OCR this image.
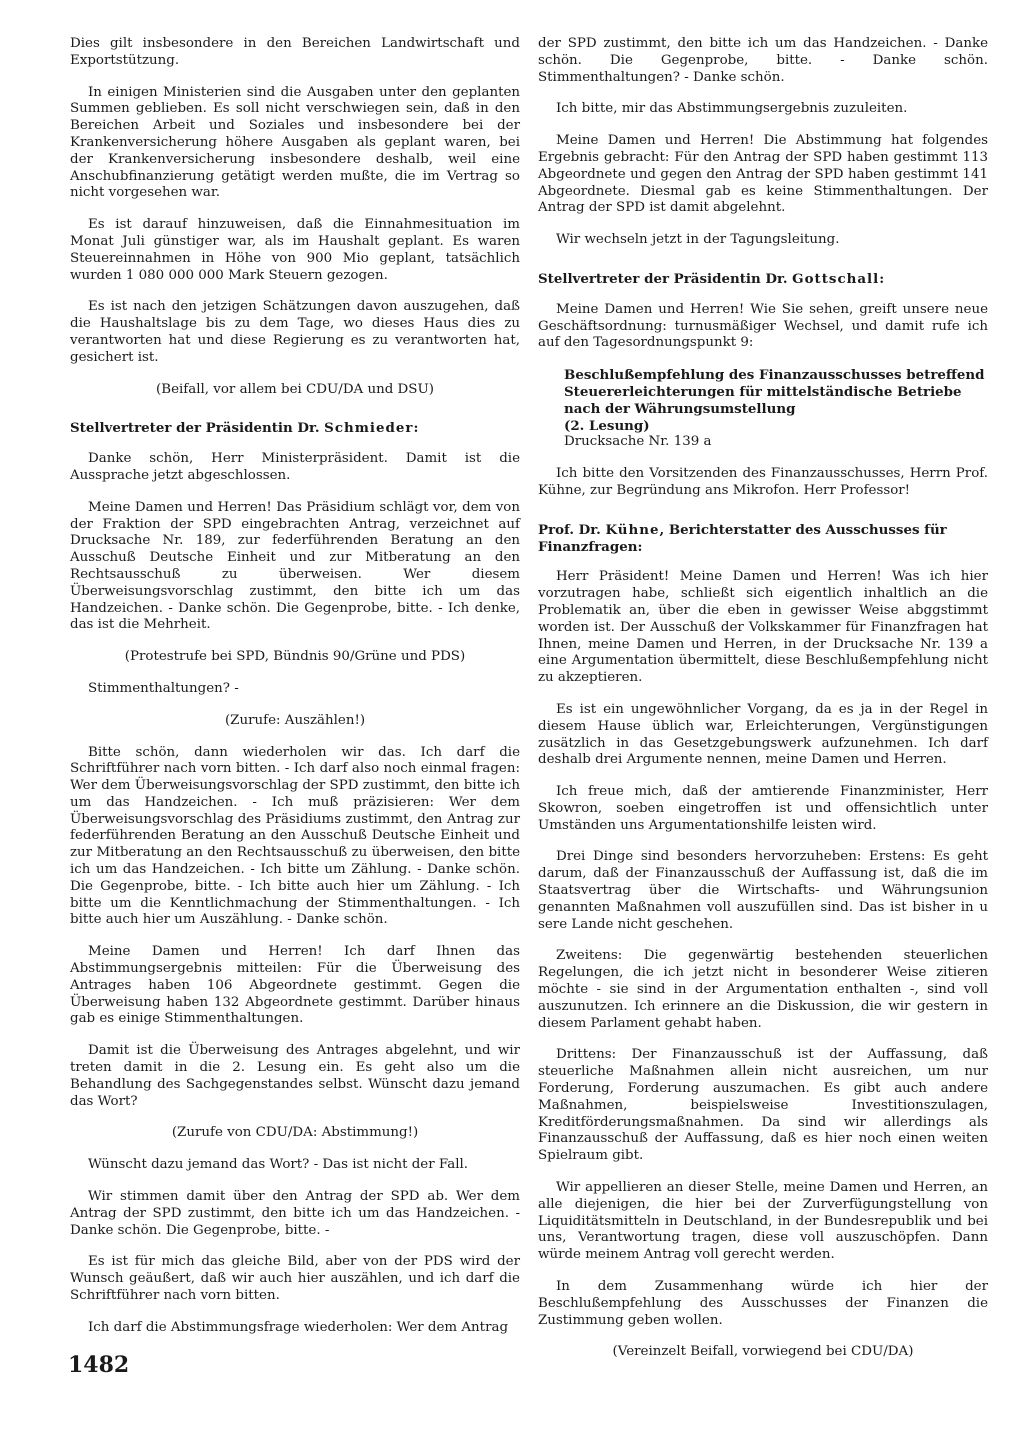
Dies gilt insbesondere in den Bereichen Landwirtschaft und Exportstützung.

In einigen Ministerien sind die Ausgaben unter den geplanten Summen geblieben. Es soll nicht verschwiegen sein, daß in den Bereichen Arbeit und Soziales und insbesondere bei der Krankenversicherung höhere Ausgaben als geplant waren, bei der Krankenversicherung insbesondere deshalb, weil eine Anschubfinanzierung getätigt werden mußte, die im Vertrag so nicht vorgesehen war.

Es ist darauf hinzuweisen, daß die Einnahmesituation im Monat Juli günstiger war, als im Haushalt geplant. Es waren Steuereinnahmen in Höhe von 900 Mio geplant, tatsächlich wurden 1 080 000 000 Mark Steuern gezogen.

Es ist nach den jetzigen Schätzungen davon auszugehen, daß die Haushaltslage bis zu dem Tage, wo dieses Haus dies zu verantworten hat und diese Regierung es zu verantworten hat, gesichert ist.

(Beifall, vor allem bei CDU/DA und DSU)

Stellvertreter der Präsidentin Dr. Schmieder:

Danke schön, Herr Ministerpräsident. Damit ist die Aussprache jetzt abgeschlossen.

Meine Damen und Herren! Das Präsidium schlägt vor, dem von der Fraktion der SPD eingebrachten Antrag, verzeichnet auf Drucksache Nr. 189, zur federführenden Beratung an den Ausschuß Deutsche Einheit und zur Mitberatung an den Rechtsausschuß zu überweisen. Wer diesem Überweisungsvorschlag zustimmt, den bitte ich um das Handzeichen. - Danke schön. Die Gegenprobe, bitte. - Ich denke, das ist die Mehrheit.

(Protestrufe bei SPD, Bündnis 90/Grüne und PDS)

Stimmenthaltungen? -

(Zurufe: Auszählen!)

Bitte schön, dann wiederholen wir das. Ich darf die Schriftführer nach vorn bitten. - Ich darf also noch einmal fragen: Wer dem Überweisungsvorschlag der SPD zustimmt, den bitte ich um das Handzeichen. - Ich muß präzisieren: Wer dem Überweisungsvorschlag des Präsidiums zustimmt, den Antrag zur federführenden Beratung an den Ausschuß Deutsche Einheit und zur Mitberatung an den Rechtsausschuß zu überweisen, den bitte ich um das Handzeichen. - Ich bitte um Zählung. - Danke schön. Die Gegenprobe, bitte. - Ich bitte auch hier um Zählung. - Ich bitte um die Kenntlichmachung der Stimmenthaltungen. - Ich bitte auch hier um Auszählung. - Danke schön.

Meine Damen und Herren! Ich darf Ihnen das Abstimmungsergebnis mitteilen: Für die Überweisung des Antrages haben 106 Abgeordnete gestimmt. Gegen die Überweisung haben 132 Abgeordnete gestimmt. Darüber hinaus gab es einige Stimmenthaltungen.

Damit ist die Überweisung des Antrages abgelehnt, und wir treten damit in die 2. Lesung ein. Es geht also um die Behandlung des Sachgegenstandes selbst. Wünscht dazu jemand das Wort?

(Zurufe von CDU/DA: Abstimmung!)

Wünscht dazu jemand das Wort? - Das ist nicht der Fall.

Wir stimmen damit über den Antrag der SPD ab. Wer dem Antrag der SPD zustimmt, den bitte ich um das Handzeichen. - Danke schön. Die Gegenprobe, bitte. -

Es ist für mich das gleiche Bild, aber von der PDS wird der Wunsch geäußert, daß wir auch hier auszählen, und ich darf die Schriftführer nach vorn bitten.

Ich darf die Abstimmungsfrage wiederholen: Wer dem Antrag

der SPD zustimmt, den bitte ich um das Handzeichen. - Danke schön. Die Gegenprobe, bitte. - Danke schön. Stimmenthaltungen? - Danke schön.

Ich bitte, mir das Abstimmungsergebnis zuzuleiten.

Meine Damen und Herren! Die Abstimmung hat folgendes Ergebnis gebracht: Für den Antrag der SPD haben gestimmt 113 Abgeordnete und gegen den Antrag der SPD haben gestimmt 141 Abgeordnete. Diesmal gab es keine Stimmenthaltungen. Der Antrag der SPD ist damit abgelehnt.

Wir wechseln jetzt in der Tagungsleitung.

Stellvertreter der Präsidentin Dr. Gottschall:

Meine Damen und Herren! Wie Sie sehen, greift unsere neue Geschäftsordnung: turnusmäßiger Wechsel, und damit rufe ich auf den Tagesordnungspunkt 9:

Beschlußempfehlung des Finanzausschusses betreffend Steuererleichterungen für mittelständische Betriebe nach der Währungsumstellung
(2. Lesung)
Drucksache Nr. 139 a

Ich bitte den Vorsitzenden des Finanzausschusses, Herrn Prof. Kühne, zur Begründung ans Mikrofon. Herr Professor!

Prof. Dr. Kühne, Berichterstatter des Ausschusses für Finanzfragen:

Herr Präsident! Meine Damen und Herren! Was ich hier vorzutragen habe, schließt sich eigentlich inhaltlich an die Problematik an, über die eben in gewisser Weise abggstimmt worden ist. Der Ausschuß der Volkskammer für Finanzfragen hat Ihnen, meine Damen und Herren, in der Drucksache Nr. 139 a eine Argumentation übermittelt, diese Beschlußempfehlung nicht zu akzeptieren.

Es ist ein ungewöhnlicher Vorgang, da es ja in der Regel in diesem Hause üblich war, Erleichterungen, Vergünstigungen zusätzlich in das Gesetzgebungswerk aufzunehmen. Ich darf deshalb drei Argumente nennen, meine Damen und Herren.

Ich freue mich, daß der amtierende Finanzminister, Herr Skowron, soeben eingetroffen ist und offensichtlich unter Umständen uns Argumentationshilfe leisten wird.

Drei Dinge sind besonders hervorzuheben: Erstens: Es geht darum, daß der Finanzausschuß der Auffassung ist, daß die im Staatsvertrag über die Wirtschafts- und Währungsunion genannten Maßnahmen voll auszufüllen sind. Das ist bisher in u sere Lande nicht geschehen.

Zweitens: Die gegenwärtig bestehenden steuerlichen Regelungen, die ich jetzt nicht in besonderer Weise zitieren möchte - sie sind in der Argumentation enthalten -, sind voll auszunutzen. Ich erinnere an die Diskussion, die wir gestern in diesem Parlament gehabt haben.

Drittens: Der Finanzausschuß ist der Auffassung, daß steuerliche Maßnahmen allein nicht ausreichen, um nur Forderung, Forderung auszumachen. Es gibt auch andere Maßnahmen, beispielsweise Investitionszulagen, Kreditförderungsmaßnahmen. Da sind wir allerdings als Finanzausschuß der Auffassung, daß es hier noch einen weiten Spielraum gibt.

Wir appellieren an dieser Stelle, meine Damen und Herren, an alle diejenigen, die hier bei der Zurverfügungstellung von Liquiditätsmitteln in Deutschland, in der Bundesrepublik und bei uns, Verantwortung tragen, diese voll auszuschöpfen. Dann würde meinem Antrag voll gerecht werden.

In dem Zusammenhang würde ich hier der Beschlußempfehlung des Ausschusses der Finanzen die Zustimmung geben wollen.

(Vereinzelt Beifall, vorwiegend bei CDU/DA)

1482
